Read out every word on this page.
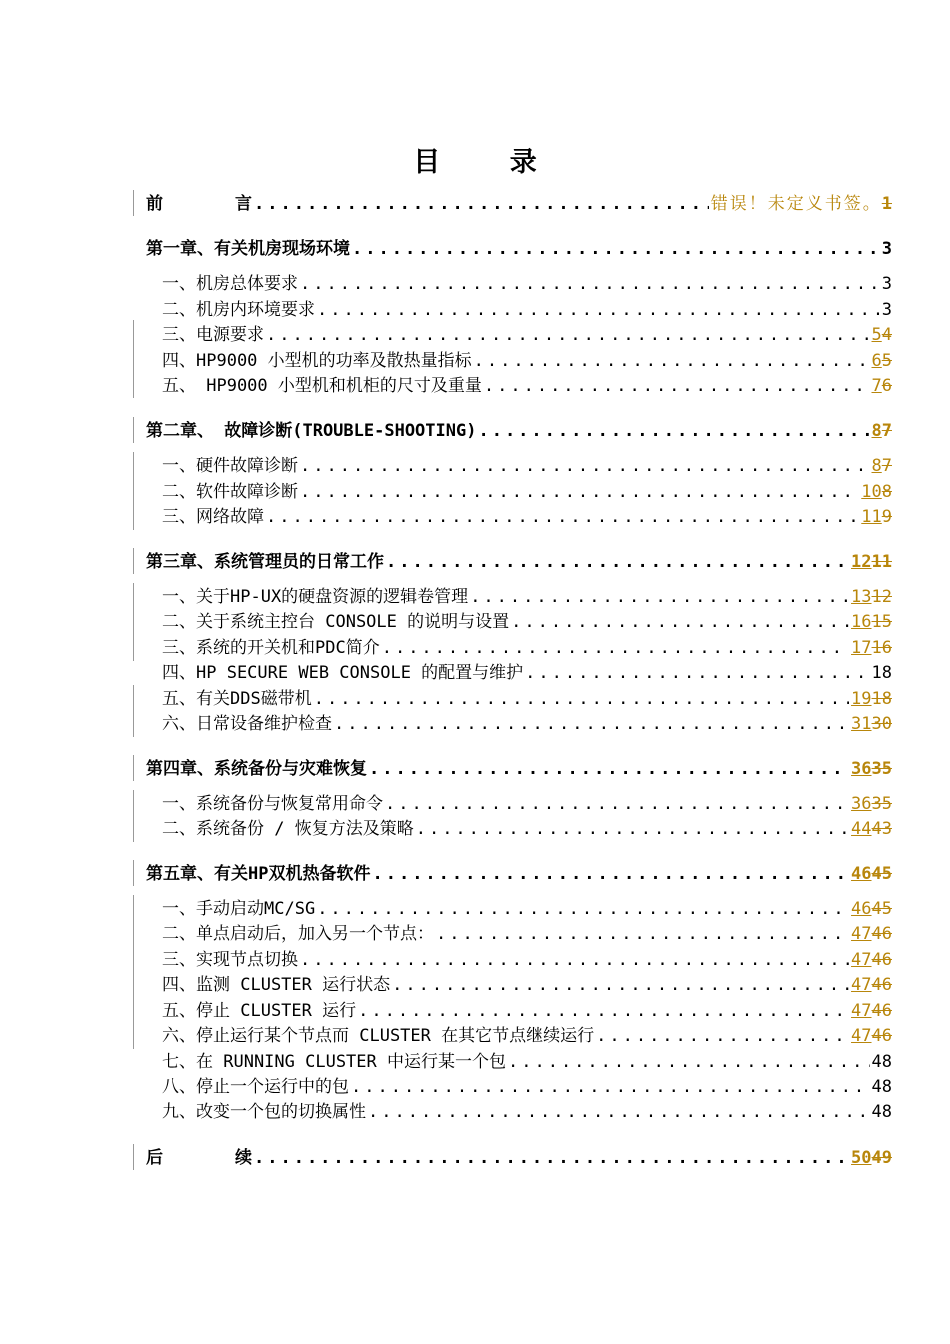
目 录
前	言 .....	错误！未定义书签。1
第一章、有关机房现场环境 .....	3
一、机房总体要求 .....	3
二、机房内环境要求 .....	3
三、电源要求 .....	54
四、HP9000 小型机的功率及散热量指标 .....	65
五、 HP9000 小型机和机柜的尺寸及重量 .....	76
第二章、 故障诊断(TROUBLE-SHOOTING) .....	87
一、硬件故障诊断 .....	87
二、软件故障诊断 .....	108
三、网络故障 .....	119
第三章、系统管理员的日常工作 .....	1211
一、关于HP-UX的硬盘资源的逻辑卷管理 .....	1312
二、关于系统主控台 CONSOLE 的说明与设置 .....	1615
三、系统的开关机和PDC简介 .....	1716
四、HP SECURE WEB CONSOLE 的配置与维护 .....	18
五、有关DDS磁带机 .....	1918
六、日常设备维护检查 .....	3130
第四章、系统备份与灾难恢复 .....	3635
一、系统备份与恢复常用命令 .....	3635
二、系统备份 / 恢复方法及策略 .....	4443
第五章、有关HP双机热备软件 .....	4645
一、手动启动MC/SG .....	4645
二、单点启动后，加入另一个节点： .....	4746
三、实现节点切换 .....	4746
四、监测 CLUSTER 运行状态 .....	4746
五、停止 CLUSTER 运行 .....	4746
六、停止运行某个节点而 CLUSTER 在其它节点继续运行 .....	4746
七、在 RUNNING CLUSTER 中运行某一个包 .....	48
八、停止一个运行中的包 .....	48
九、改变一个包的切换属性 .....	48
后	续 .....	5049
